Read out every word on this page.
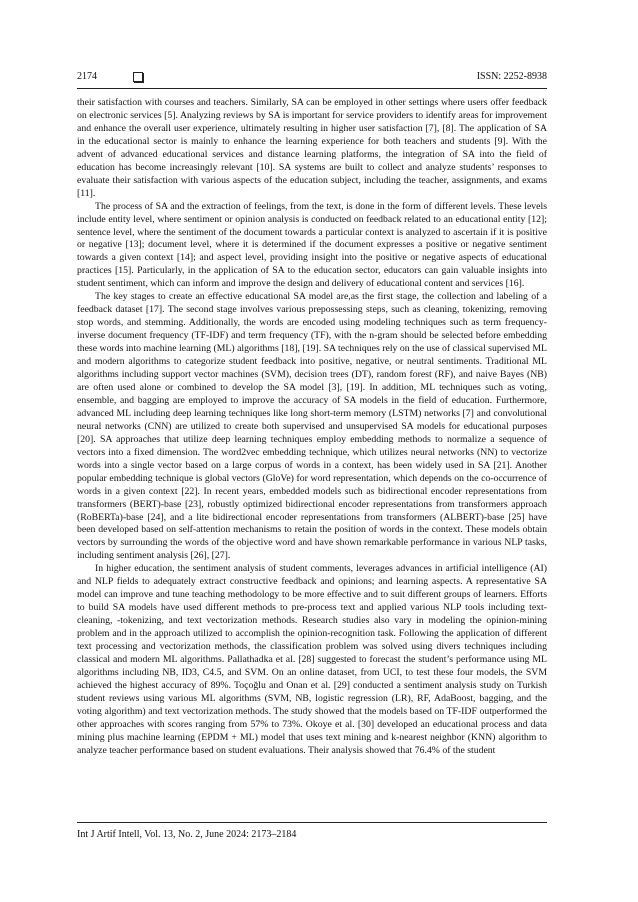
2174	ISSN: 2252-8938

their satisfaction with courses and teachers. Similarly, SA can be employed in other settings where users offer feedback on electronic services [5]. Analyzing reviews by SA is important for service providers to identify areas for improvement and enhance the overall user experience, ultimately resulting in higher user satisfaction [7], [8]. The application of SA in the educational sector is mainly to enhance the learning experience for both teachers and students [9]. With the advent of advanced educational services and distance learning platforms, the integration of SA into the field of education has become increasingly relevant [10]. SA systems are built to collect and analyze students’ responses to evaluate their satisfaction with various aspects of the education subject, including the teacher, assignments, and exams [11].

The process of SA and the extraction of feelings, from the text, is done in the form of different levels. These levels include entity level, where sentiment or opinion analysis is conducted on feedback related to an educational entity [12]; sentence level, where the sentiment of the document towards a particular context is analyzed to ascertain if it is positive or negative [13]; document level, where it is determined if the document expresses a positive or negative sentiment towards a given context [14]; and aspect level, providing insight into the positive or negative aspects of educational practices [15]. Particularly, in the application of SA to the education sector, educators can gain valuable insights into student sentiment, which can inform and improve the design and delivery of educational content and services [16].

The key stages to create an effective educational SA model are,as the first stage, the collection and labeling of a feedback dataset [17]. The second stage involves various prepossessing steps, such as cleaning, tokenizing, removing stop words, and stemming. Additionally, the words are encoded using modeling techniques such as term frequency-inverse document frequency (TF-IDF) and term frequency (TF), with the n-gram should be selected before embedding these words into machine learning (ML) algorithms [18], [19]. SA techniques rely on the use of classical supervised ML and modern algorithms to categorize student feedback into positive, negative, or neutral sentiments. Traditional ML algorithms including support vector machines (SVM), decision trees (DT), random forest (RF), and naive Bayes (NB) are often used alone or combined to develop the SA model [3], [19]. In addition, ML techniques such as voting, ensemble, and bagging are employed to improve the accuracy of SA models in the field of education. Furthermore, advanced ML including deep learning techniques like long short-term memory (LSTM) networks [7] and convolutional neural networks (CNN) are utilized to create both supervised and unsupervised SA models for educational purposes [20]. SA approaches that utilize deep learning techniques employ embedding methods to normalize a sequence of vectors into a fixed dimension. The word2vec embedding technique, which utilizes neural networks (NN) to vectorize words into a single vector based on a large corpus of words in a context, has been widely used in SA [21]. Another popular embedding technique is global vectors (GloVe) for word representation, which depends on the co-occurrence of words in a given context [22]. In recent years, embedded models such as bidirectional encoder representations from transformers (BERT)-base [23], robustly optimized bidirectional encoder representations from transformers approach (RoBERTa)-base [24], and a lite bidirectional encoder representations from transformers (ALBERT)-base [25] have been developed based on self-attention mechanisms to retain the position of words in the context. These models obtain vectors by surrounding the words of the objective word and have shown remarkable performance in various NLP tasks, including sentiment analysis [26], [27].

In higher education, the sentiment analysis of student comments, leverages advances in artificial intelligence (AI) and NLP fields to adequately extract constructive feedback and opinions; and learning aspects. A representative SA model can improve and tune teaching methodology to be more effective and to suit different groups of learners. Efforts to build SA models have used different methods to pre-process text and applied various NLP tools including text-cleaning, -tokenizing, and text vectorization methods. Research studies also vary in modeling the opinion-mining problem and in the approach utilized to accomplish the opinion-recognition task. Following the application of different text processing and vectorization methods, the classification problem was solved using divers techniques including classical and modern ML algorithms. Pallathadka et al. [28] suggested to forecast the student’s performance using ML algorithms including NB, ID3, C4.5, and SVM. On an online dataset, from UCI, to test these four models, the SVM achieved the highest accuracy of 89%. Toçoğlu and Onan et al. [29] conducted a sentiment analysis study on Turkish student reviews using various ML algorithms (SVM, NB, logistic regression (LR), RF, AdaBoost, bagging, and the voting algorithm) and text vectorization methods. The study showed that the models based on TF-IDF outperformed the other approaches with scores ranging from 57% to 73%. Okoye et al. [30] developed an educational process and data mining plus machine learning (EPDM + ML) model that uses text mining and k-nearest neighbor (KNN) algorithm to analyze teacher performance based on student evaluations. Their analysis showed that 76.4% of the student

Int J Artif Intell, Vol. 13, No. 2, June 2024: 2173–2184
